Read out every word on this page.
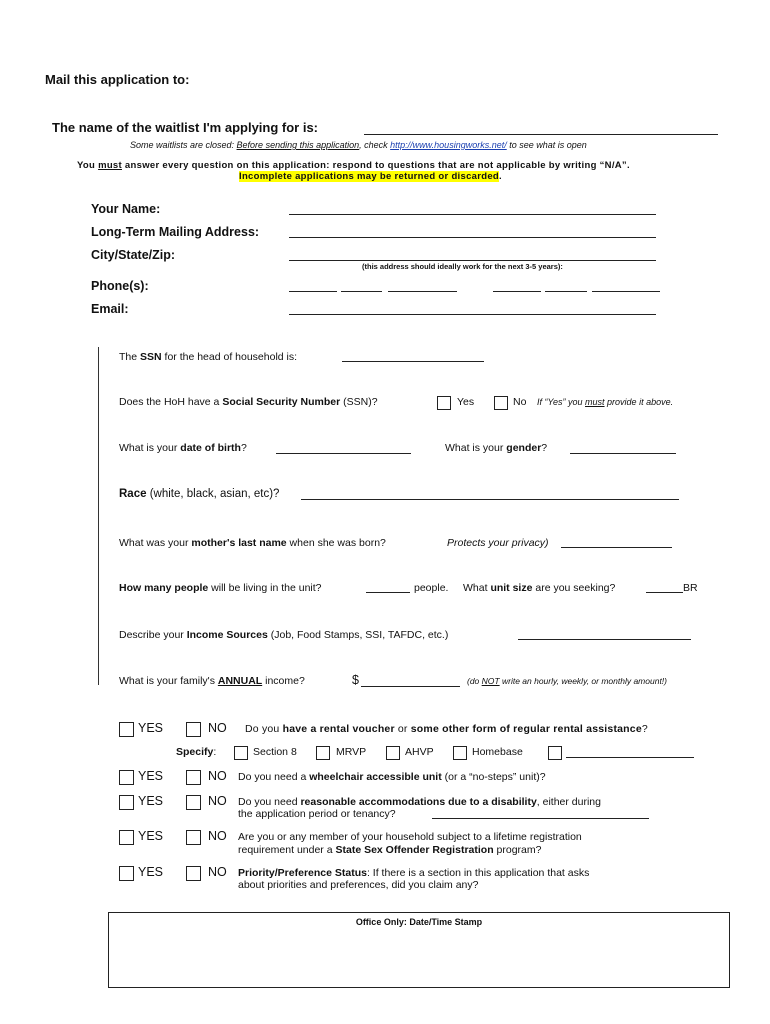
Mail this application to:
The name of the waitlist I'm applying for is:
Some waitlists are closed: Before sending this application, check http://www.housingworks.net/ to see what is open
You must answer every question on this application: respond to questions that are not applicable by writing “N/A”.
Incomplete applications may be returned or discarded.
Your Name:
Long-Term Mailing Address:
City/State/Zip:
(this address should ideally work for the next 3-5 years):
Phone(s):
Email:
The SSN for the head of household is:
Does the HoH have a Social Security Number (SSN)?	Yes	No If “Yes” you must provide it above.
What is your date of birth?	What is your gender?
Race (white, black, asian, etc)?
What was your mother's last name when she was born?	Protects your privacy)
How many people will be living in the unit?	people. What unit size are you seeking?	BR
Describe your Income Sources (Job, Food Stamps, SSI, TAFDC, etc.)
What is your family's ANNUAL income?	$	(do NOT write an hourly, weekly, or monthly amount!)
YES	NO Do you have a rental voucher or some other form of regular rental assistance?
Specify:	Section 8	MRVP	AHVP	Homebase
YES	NO Do you need a wheelchair accessible unit (or a “no-steps” unit)?
YES	NO Do you need reasonable accommodations due to a disability, either during
the application period or tenancy?
YES	NO Are you or any member of your household subject to a lifetime registration
requirement under a State Sex Offender Registration program?
YES	NO Priority/Preference Status: If there is a section in this application that asks
about priorities and preferences, did you claim any?
Office Only: Date/Time Stamp
